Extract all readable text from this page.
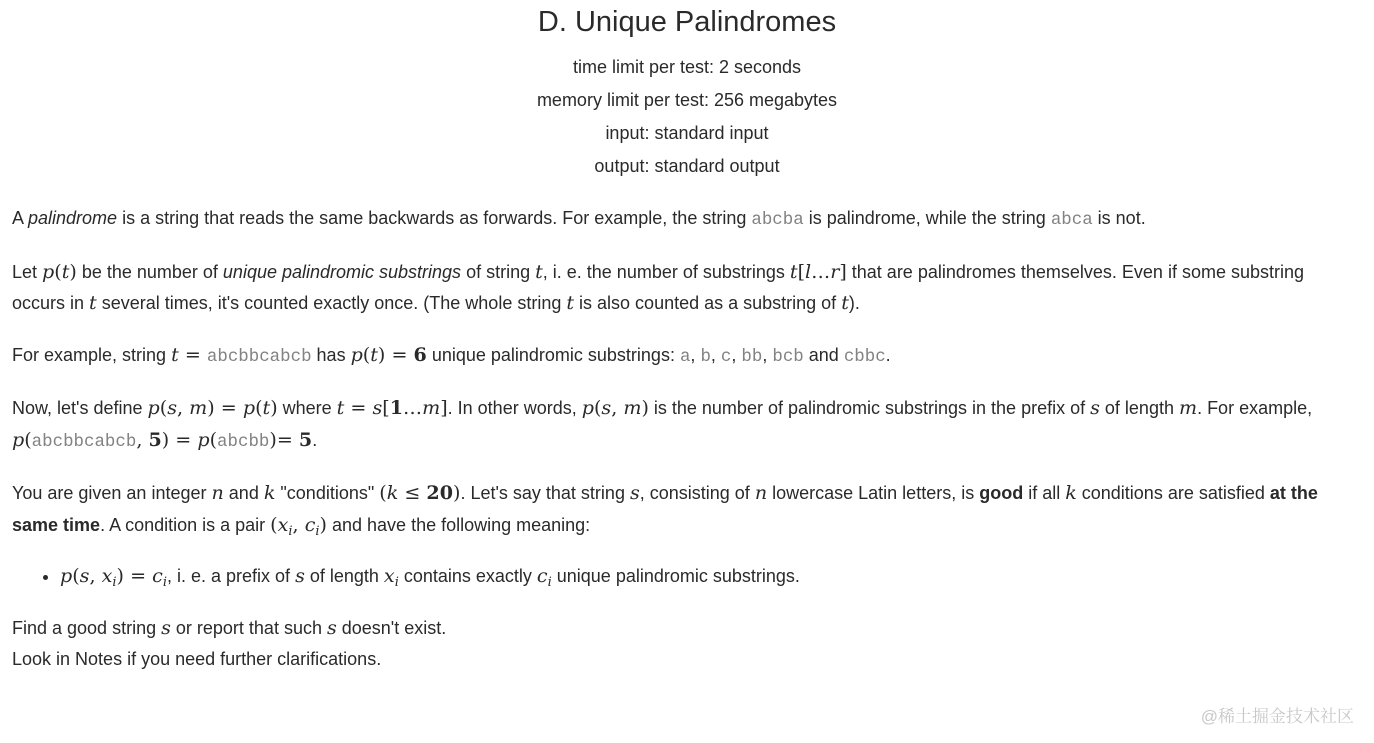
D. Unique Palindromes
time limit per test: 2 seconds
memory limit per test: 256 megabytes
input: standard input
output: standard output

A palindrome is a string that reads the same backwards as forwards. For example, the string abcba is palindrome, while the string abca is not.

Let p(t) be the number of unique palindromic substrings of string t, i. e. the number of substrings t[l…r] that are palindromes themselves. Even if some substring occurs in t several times, it's counted exactly once. (The whole string t is also counted as a substring of t).

For example, string t = abcbbcabcb has p(t) = 6 unique palindromic substrings: a, b, c, bb, bcb and cbbc.

Now, let's define p(s, m) = p(t) where t = s[1…m]. In other words, p(s, m) is the number of palindromic substrings in the prefix of s of length m. For example, p(abcbbcabcb, 5) = p(abcbb)= 5.

You are given an integer n and k "conditions" (k ≤ 20). Let's say that string s, consisting of n lowercase Latin letters, is good if all k conditions are satisfied at the same time. A condition is a pair ($x_i$, $c_i$) and have the following meaning:

• p(s, $x_i) = c_i$, i. e. a prefix of s of length $x_i$ contains exactly $c_i$ unique palindromic substrings.

Find a good string s or report that such s doesn't exist.
Look in Notes if you need further clarifications.

@稀土掘金技术社区
